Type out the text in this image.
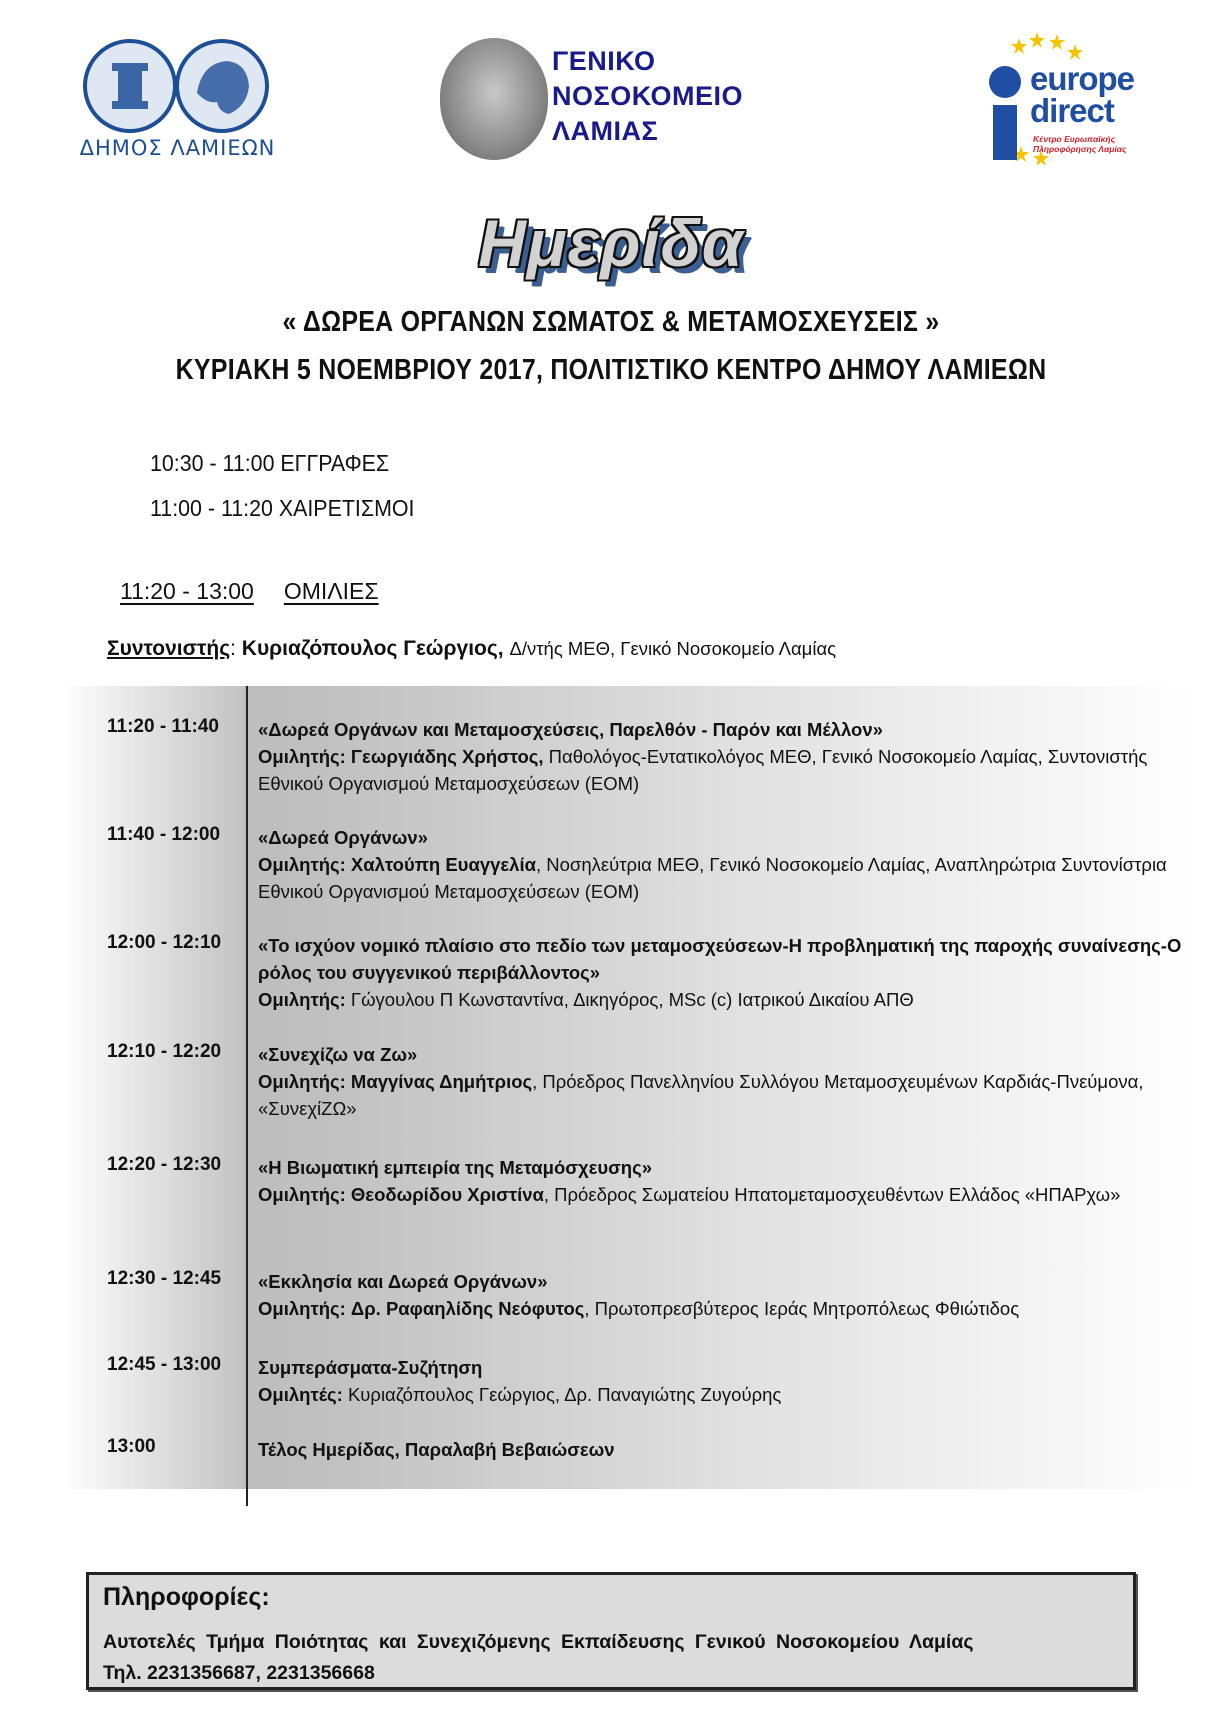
ΔΗΜΟΣ ΛΑΜΙΕΩΝ
ΓΕΝΙΚΟ
ΝΟΣΟΚΟΜΕΙΟ
ΛΑΜΙΑΣ
europe
direct
Κέντρο Ευρωπαϊκής
Πληροφόρησης Λαμίας
Ημερίδα
« ΔΩΡΕΑ ΟΡΓΑΝΩΝ ΣΩΜΑΤΟΣ & ΜΕΤΑΜΟΣΧΕΥΣΕΙΣ »
ΚΥΡΙΑΚΗ 5 ΝΟΕΜΒΡΙΟΥ 2017, ΠΟΛΙΤΙΣΤΙΚΟ ΚΕΝΤΡΟ ΔΗΜΟΥ ΛΑΜΙΕΩΝ
10:30 - 11:00 ΕΓΓΡΑΦΕΣ
11:00 - 11:20 ΧΑΙΡΕΤΙΣΜΟΙ
11:20 - 13:00 ΟΜΙΛΙΕΣ
Συντονιστής: Κυριαζόπουλος Γεώργιος, Δ/ντής ΜΕΘ, Γενικό Νοσοκομείο Λαμίας
11:20 - 11:40	«Δωρεά Οργάνων και Μεταμοσχεύσεις, Παρελθόν - Παρόν και Μέλλον»
Ομιλητής: Γεωργιάδης Χρήστος, Παθολόγος-Εντατικολόγος ΜΕΘ, Γενικό Νοσοκομείο Λαμίας, Συντονιστής Εθνικού Οργανισμού Μεταμοσχεύσεων (ΕΟΜ)
11:40 - 12:00	«Δωρεά Οργάνων»
Ομιλητής: Χαλτούπη Ευαγγελία, Νοσηλεύτρια ΜΕΘ, Γενικό Νοσοκομείο Λαμίας, Αναπληρώτρια Συντονίστρια Εθνικού Οργανισμού Μεταμοσχεύσεων (ΕΟΜ)
12:00 - 12:10	«Το ισχύον νομικό πλαίσιο στο πεδίο των μεταμοσχεύσεων-Η προβληματική της παροχής συναίνεσης-Ο ρόλος του συγγενικού περιβάλλοντος»
Ομιλητής: Γώγουλου Π Κωνσταντίνα, Δικηγόρος, MSc (c) Ιατρικού Δικαίου ΑΠΘ
12:10 - 12:20	«Συνεχίζω να Ζω»
Ομιλητής: Μαγγίνας Δημήτριος, Πρόεδρος Πανελληνίου Συλλόγου Μεταμοσχευμένων Καρδιάς-Πνεύμονα, «ΣυνεχίΖΩ»
12:20 - 12:30	«Η Βιωματική εμπειρία της Μεταμόσχευσης»
Ομιλητής: Θεοδωρίδου Χριστίνα, Πρόεδρος Σωματείου Ηπατομεταμοσχευθέντων Ελλάδος «ΗΠΑΡχω»
12:30 - 12:45	«Εκκλησία και Δωρεά Οργάνων»
Ομιλητής: Δρ. Ραφαηλίδης Νεόφυτος, Πρωτοπρεσβύτερος Ιεράς Μητροπόλεως Φθιώτιδος
12:45 - 13:00	Συμπεράσματα-Συζήτηση
Ομιλητές: Κυριαζόπουλος Γεώργιος, Δρ. Παναγιώτης Ζυγούρης
13:00	Τέλος Ημερίδας, Παραλαβή Βεβαιώσεων
Πληροφορίες:
Αυτοτελές Τμήμα Ποιότητας και Συνεχιζόμενης Εκπαίδευσης Γενικού Νοσοκομείου Λαμίας
Τηλ. 2231356687, 2231356668
